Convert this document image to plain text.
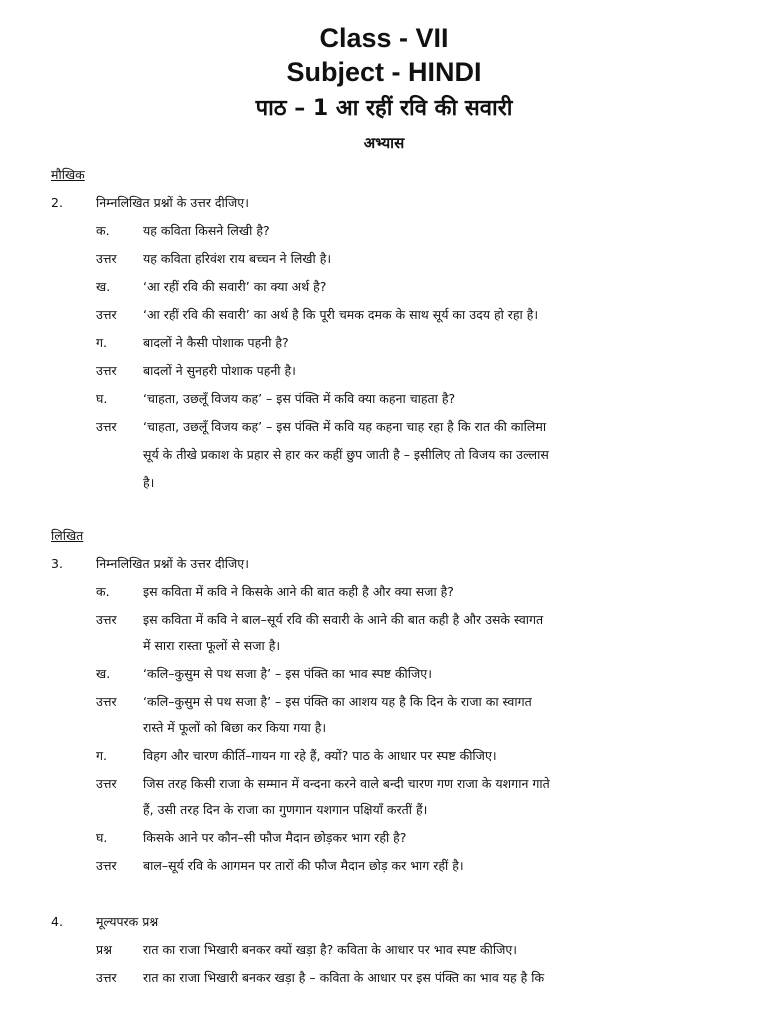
Class - VII
Subject - HINDI
पाठ – 1 आ रहीं रवि की सवारी
अभ्यास
मौखिक
2.	निम्नलिखित प्रश्नों के उत्तर दीजिए।
क.	यह कविता किसने लिखी है?
उत्तर यह कविता हरिवंश राय बच्चन ने लिखी है।
ख.	‘आ रहीं रवि की सवारी’ का क्या अर्थ है?
उत्तर ‘आ रहीं रवि की सवारी’ का अर्थ है कि पूरी चमक दमक के साथ सूर्य का उदय हो रहा है।
ग.	बादलों ने कैसी पोशाक पहनी है?
उत्तर बादलों ने सुनहरी पोशाक पहनी है।
घ.	‘चाहता, उछलूँ विजय कह’ – इस पंक्ति में कवि क्या कहना चाहता है?
उत्तर ‘चाहता, उछलूँ विजय कह’ – इस पंक्ति में कवि यह कहना चाह रहा है कि रात की कालिमा
सूर्य के तीखे प्रकाश के प्रहार से हार कर कहीं छुप जाती है – इसीलिए तो विजय का उल्लास
है।
लिखित
3.	निम्नलिखित प्रश्नों के उत्तर दीजिए।
क.	इस कविता में कवि ने किसके आने की बात कही है और क्या सजा है?
उत्तर इस कविता में कवि ने बाल–सूर्य रवि की सवारी के आने की बात कही है और उसके स्वागत
में सारा रास्ता फूलों से सजा है।
ख.	‘कलि–कुसुम से पथ सजा है’ – इस पंक्ति का भाव स्पष्ट कीजिए।
उत्तर ‘कलि–कुसुम से पथ सजा है’ – इस पंक्ति का आशय यह है कि दिन के राजा का स्वागत
रास्ते में फूलों को बिछा कर किया गया है।
ग.	विहग और चारण कीर्ति–गायन गा रहे हैं, क्यों? पाठ के आधार पर स्पष्ट कीजिए।
उत्तर जिस तरह किसी राजा के सम्मान में वन्दना करने वाले बन्दी चारण गण राजा के यशगान गाते
हैं, उसी तरह दिन के राजा का गुणगान यशगान पक्षियाँ करतीं हैं।
घ.	किसके आने पर कौन–सी फौज मैदान छोड़कर भाग रही है?
उत्तर बाल–सूर्य रवि के आगमन पर तारों की फौज मैदान छोड़ कर भाग रहीं है।
4.	मूल्यपरक प्रश्न
प्रश्न रात का राजा भिखारी बनकर क्यों खड़ा है? कविता के आधार पर भाव स्पष्ट कीजिए।
उत्तर रात का राजा भिखारी बनकर खड़ा है – कविता के आधार पर इस पंक्ति का भाव यह है कि
